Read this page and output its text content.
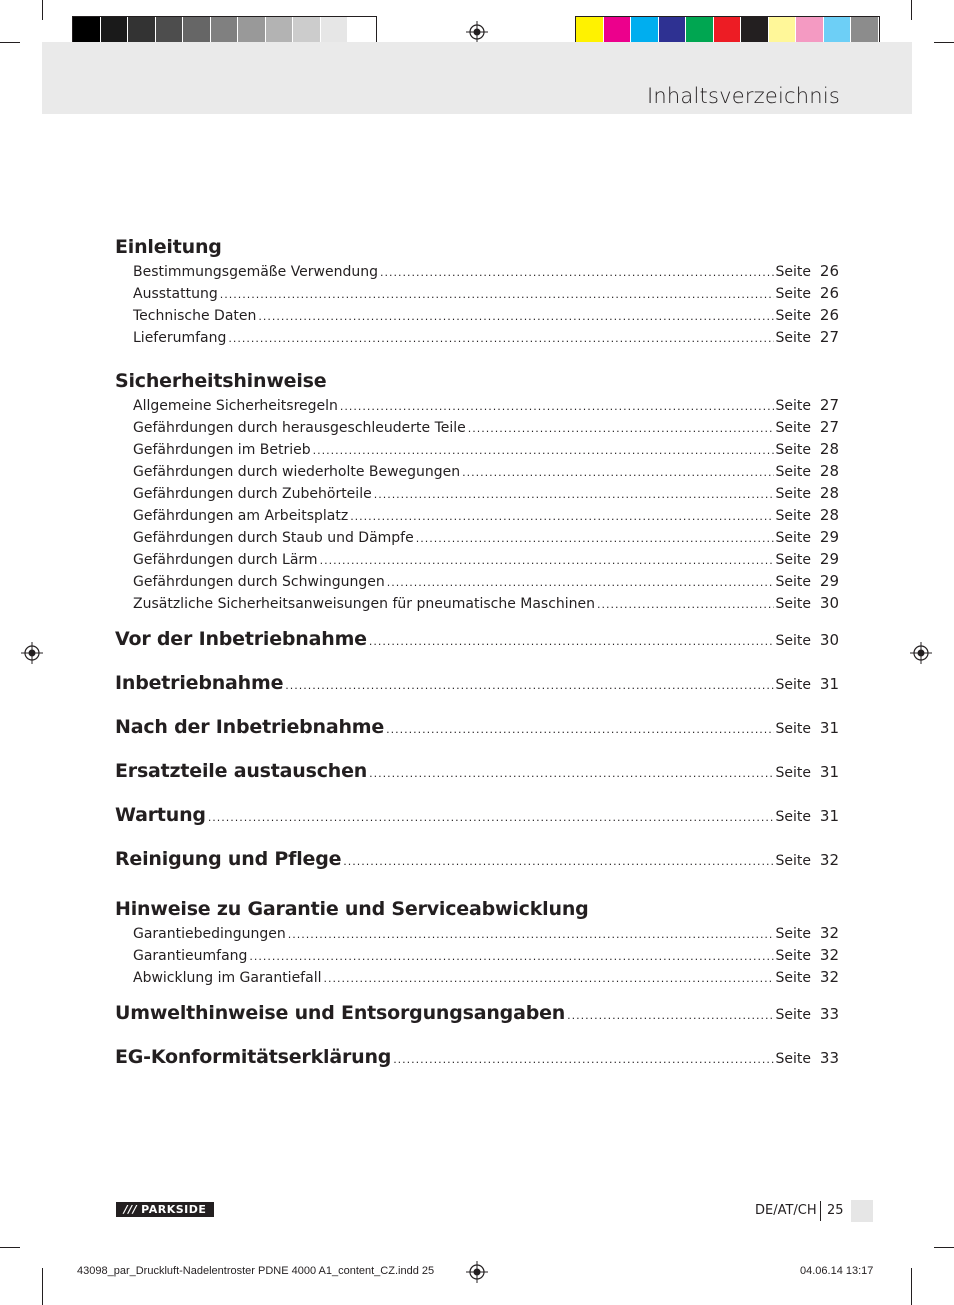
Inhaltsverzeichnis
Einleitung
Bestimmungsgemäße Verwendung .....	Seite 26
Ausstattung .....	Seite 26
Technische Daten .....	Seite 26
Lieferumfang .....	Seite 27
Sicherheitshinweise
Allgemeine Sicherheitsregeln .....	Seite 27
Gefährdungen durch herausgeschleuderte Teile .....	Seite 27
Gefährdungen im Betrieb .....	Seite 28
Gefährdungen durch wiederholte Bewegungen .....	Seite 28
Gefährdungen durch Zubehörteile .....	Seite 28
Gefährdungen am Arbeitsplatz .....	Seite 28
Gefährdungen durch Staub und Dämpfe .....	Seite 29
Gefährdungen durch Lärm .....	Seite 29
Gefährdungen durch Schwingungen .....	Seite 29
Zusätzliche Sicherheitsanweisungen für pneumatische Maschinen .....	Seite 30
Vor der Inbetriebnahme .....	Seite 30
Inbetriebnahme .....	Seite 31
Nach der Inbetriebnahme .....	Seite 31
Ersatzteile austauschen .....	Seite 31
Wartung .....	Seite 31
Reinigung und Pflege .....	Seite 32
Hinweise zu Garantie und Serviceabwicklung
Garantiebedingungen .....	Seite 32
Garantieumfang .....	Seite 32
Abwicklung im Garantiefall .....	Seite 32
Umwelthinweise und Entsorgungsangaben .....	Seite 33
EG-Konformitätserklärung .....	Seite 33
/// PARKSIDE	DE/AT/CH 25
43098_par_Druckluft-Nadelentroster PDNE 4000 A1_content_CZ.indd 25	04.06.14 13:17
